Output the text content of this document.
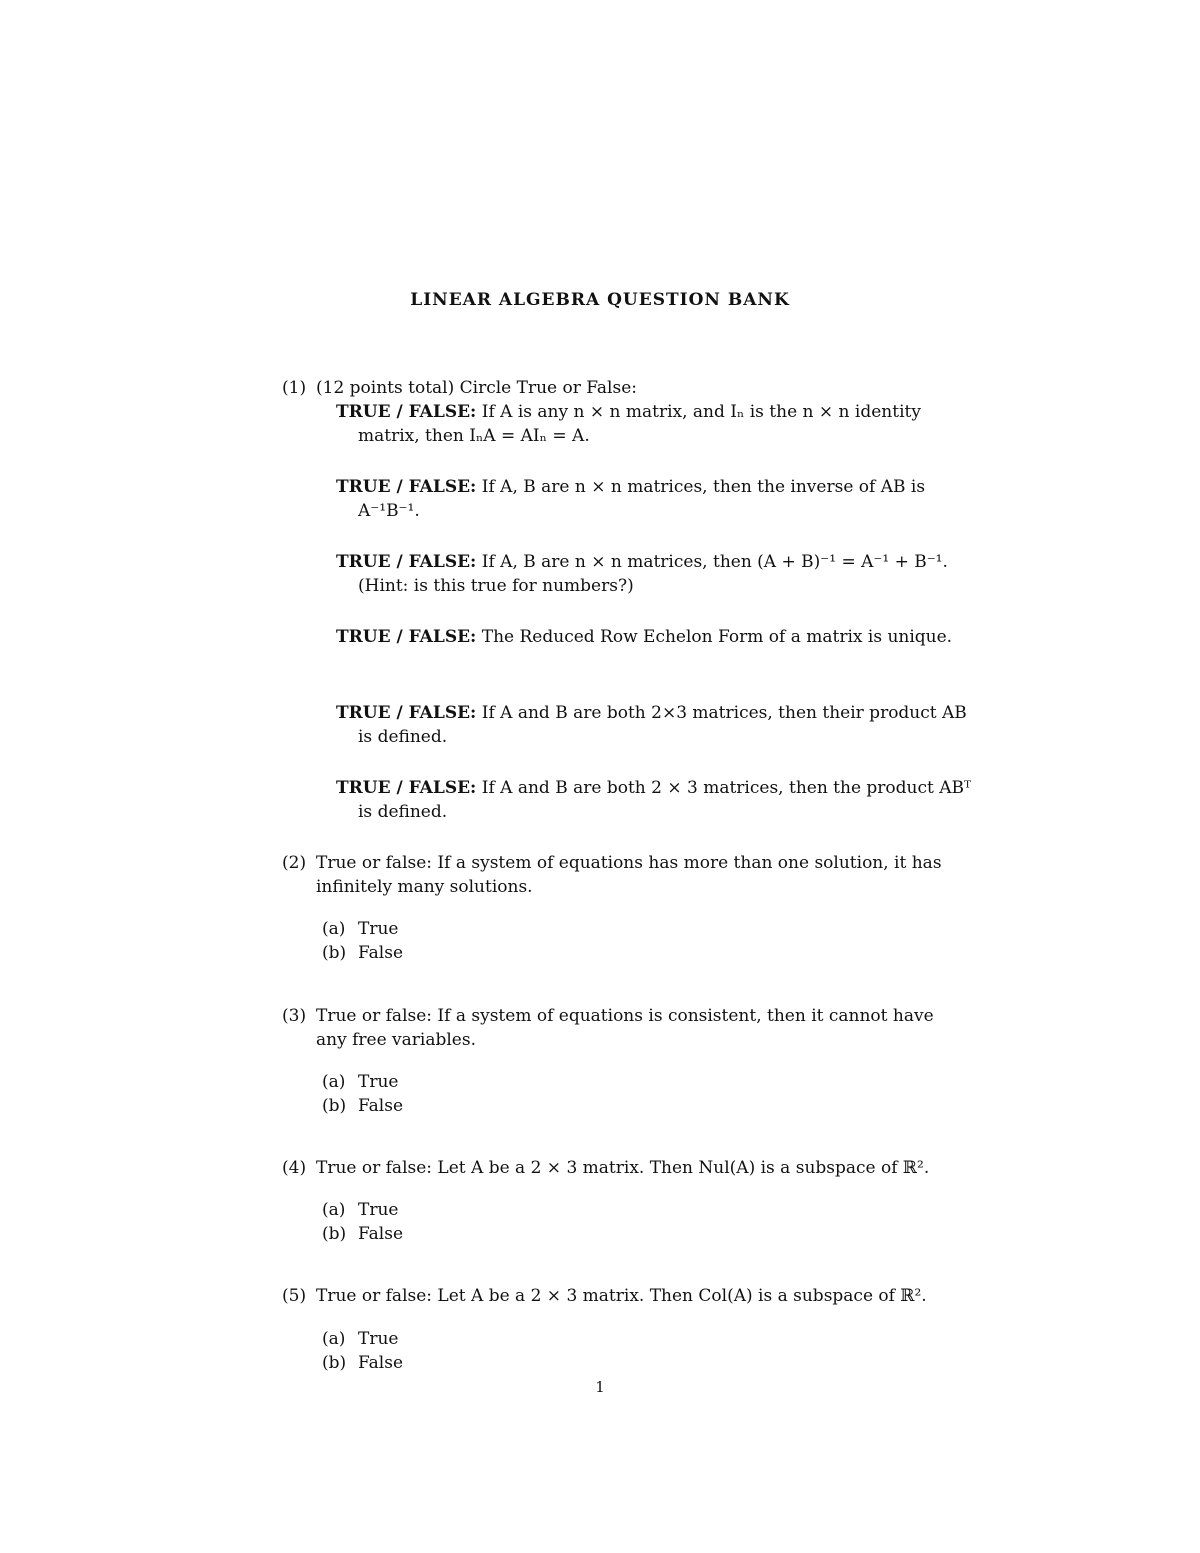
LINEAR ALGEBRA QUESTION BANK
(1) (12 points total) Circle True or False:
TRUE / FALSE: If A is any n × n matrix, and Iₙ is the n × n identity matrix, then IₙA = AIₙ = A.
TRUE / FALSE: If A, B are n × n matrices, then the inverse of AB is A⁻¹B⁻¹.
TRUE / FALSE: If A, B are n × n matrices, then (A + B)⁻¹ = A⁻¹ + B⁻¹. (Hint: is this true for numbers?)
TRUE / FALSE: The Reduced Row Echelon Form of a matrix is unique.
TRUE / FALSE: If A and B are both 2×3 matrices, then their product AB is defined.
TRUE / FALSE: If A and B are both 2 × 3 matrices, then the product ABᵀ is defined.
(2) True or false: If a system of equations has more than one solution, it has infinitely many solutions.
(a) True
(b) False
(3) True or false: If a system of equations is consistent, then it cannot have any free variables.
(a) True
(b) False
(4) True or false: Let A be a 2 × 3 matrix. Then Nul(A) is a subspace of ℝ².
(a) True
(b) False
(5) True or false: Let A be a 2 × 3 matrix. Then Col(A) is a subspace of ℝ².
(a) True
(b) False
1
